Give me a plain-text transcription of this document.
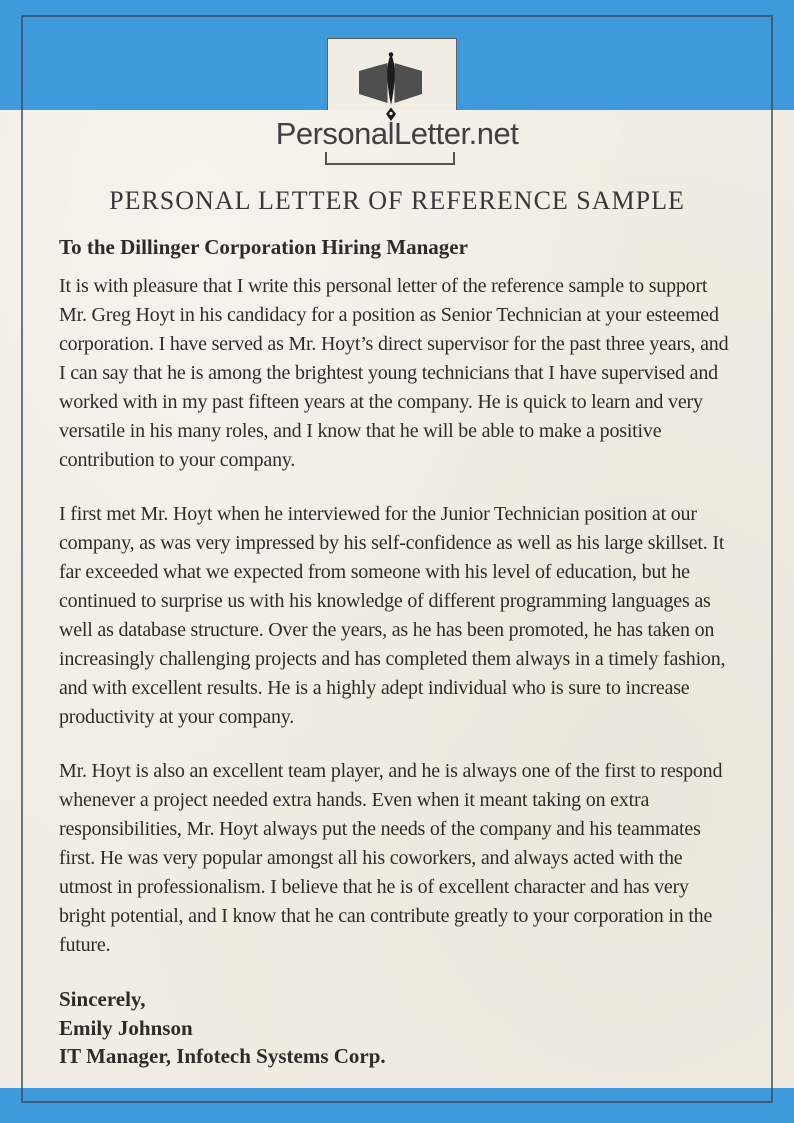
PersonalLetter.net
PERSONAL LETTER OF REFERENCE SAMPLE
To the Dillinger Corporation Hiring Manager

It is with pleasure that I write this personal letter of the reference sample to support Mr. Greg Hoyt in his candidacy for a position as Senior Technician at your esteemed corporation. I have served as Mr. Hoyt’s direct supervisor for the past three years, and I can say that he is among the brightest young technicians that I have supervised and worked with in my past fifteen years at the company. He is quick to learn and very versatile in his many roles, and I know that he will be able to make a positive contribution to your company.

I first met Mr. Hoyt when he interviewed for the Junior Technician position at our company, as was very impressed by his self-confidence as well as his large skillset. It far exceeded what we expected from someone with his level of education, but he continued to surprise us with his knowledge of different programming languages as well as database structure. Over the years, as he has been promoted, he has taken on increasingly challenging projects and has completed them always in a timely fashion, and with excellent results. He is a highly adept individual who is sure to increase productivity at your company.

Mr. Hoyt is also an excellent team player, and he is always one of the first to respond whenever a project needed extra hands. Even when it meant taking on extra responsibilities, Mr. Hoyt always put the needs of the company and his teammates first. He was very popular amongst all his coworkers, and always acted with the utmost in professionalism. I believe that he is of excellent character and has very bright potential, and I know that he can contribute greatly to your corporation in the future.

Sincerely,
Emily Johnson
IT Manager, Infotech Systems Corp.
